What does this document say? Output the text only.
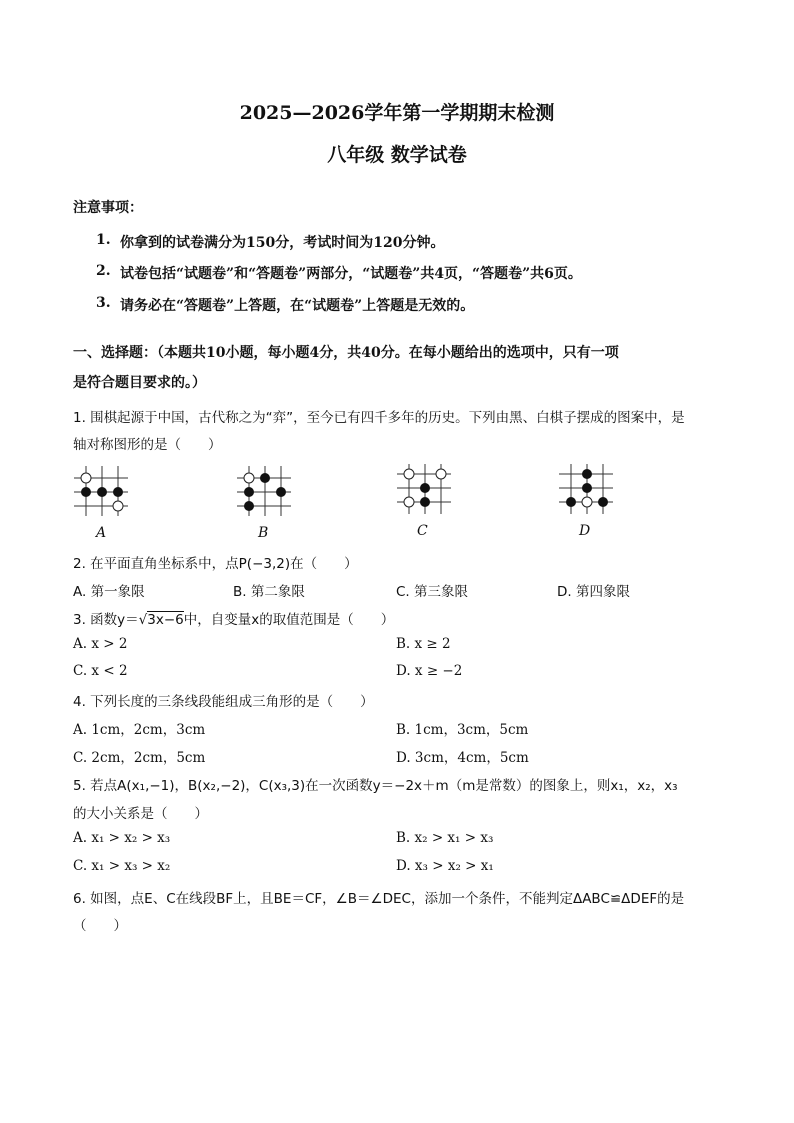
2025—2026学年第一学期期末检测
八年级 数学试卷
注意事项：
1. 你拿到的试卷满分为150分，考试时间为120分钟。
2. 试卷包括“试题卷”和“答题卷”两部分，“试题卷”共4页，“答题卷”共6页。
3. 请务必在“答题卷”上答题，在“试题卷”上答题是无效的。
一、选择题：（本题共10小题，每小题4分，共40分。在每小题给出的选项中，只有一项
是符合题目要求的。）
1. 围棋起源于中国，古代称之为“弈”，至今已有四千多年的历史。下列由黑、白棋子摆成的图案中，是
轴对称图形的是（　　）
A	B	C	D
2. 在平面直角坐标系中，点P(−3,2)在（　　）
A. 第一象限	B. 第二象限	C. 第三象限	D. 第四象限
3. 函数y＝√3x−6中，自变量x的取值范围是（　　）
A. x > 2	B. x ≥ 2
C. x < 2	D. x ≥ −2
4. 下列长度的三条线段能组成三角形的是（　　）
A. 1cm，2cm，3cm	B. 1cm，3cm，5cm
C. 2cm，2cm，5cm	D. 3cm，4cm，5cm
5. 若点A(x₁,−1)，B(x₂,−2)，C(x₃,3)在一次函数y＝−2x＋m（m是常数）的图象上，则x₁，x₂，x₃
的大小关系是（　　）
A. x₁ > x₂ > x₃	B. x₂ > x₁ > x₃
C. x₁ > x₃ > x₂	D. x₃ > x₂ > x₁
6. 如图，点E、C在线段BF上，且BE＝CF，∠B＝∠DEC，添加一个条件，不能判定ΔABC≌ΔDEF的是
（　　）
